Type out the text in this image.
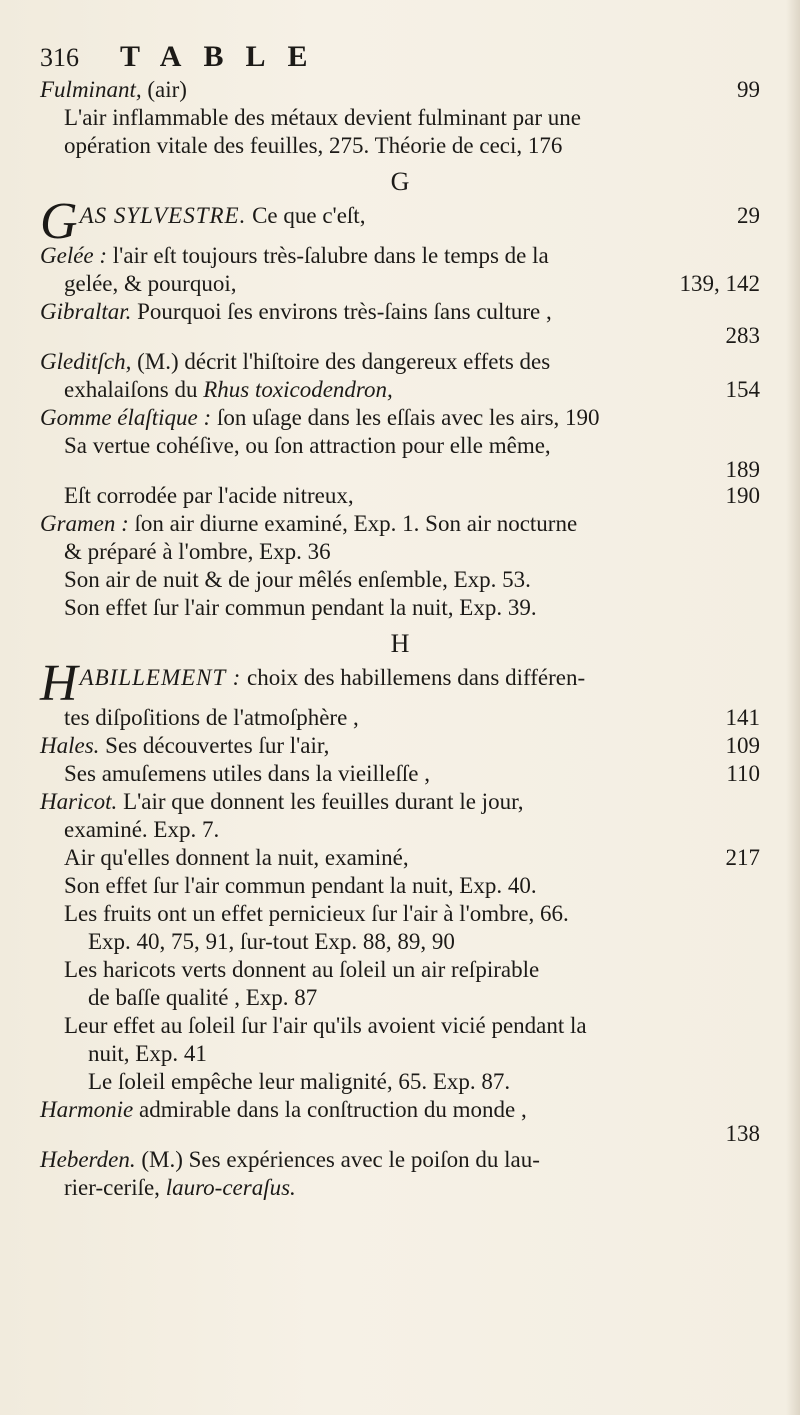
316	TABLE
Fulminant, (air)	99
L'air inflammable des métaux devient fulminant par une
opération vitale des feuilles, 275. Théorie de ceci, 176
G
GAS SYLVESTRE. Ce que c'eſt,	29
Gelée : l'air eſt toujours très-ſalubre dans le temps de la
gelée, & pourquoi,	139, 142
Gibraltar. Pourquoi ſes environs très-ſains ſans culture ,
283
Gleditſch, (M.) décrit l'hiſtoire des dangereux effets des
exhalaiſons du Rhus toxicodendron,	154
Gomme élaſtique : ſon uſage dans les eſſais avec les airs, 190
Sa vertue cohéſive, ou ſon attraction pour elle même,
189
Eſt corrodée par l'acide nitreux,	190
Gramen : ſon air diurne examiné, Exp. 1. Son air nocturne
& préparé à l'ombre, Exp. 36
Son air de nuit & de jour mêlés enſemble, Exp. 53.
Son effet ſur l'air commun pendant la nuit, Exp. 39.
H
HABILLEMENT : choix des habillemens dans différen-
tes diſpoſitions de l'atmoſphère ,	141
Hales. Ses découvertes ſur l'air,	109
Ses amuſemens utiles dans la vieilleſſe ,	110
Haricot. L'air que donnent les feuilles durant le jour,
examiné. Exp. 7.
Air qu'elles donnent la nuit, examiné,	217
Son effet ſur l'air commun pendant la nuit, Exp. 40.
Les fruits ont un effet pernicieux ſur l'air à l'ombre, 66.
Exp. 40, 75, 91, ſur-tout Exp. 88, 89, 90
Les haricots verts donnent au ſoleil un air reſpirable
de baſſe qualité , Exp. 87
Leur effet au ſoleil ſur l'air qu'ils avoient vicié pendant la
nuit, Exp. 41
Le ſoleil empêche leur malignité, 65. Exp. 87.
Harmonie admirable dans la conſtruction du monde ,
138
Heberden. (M.) Ses expériences avec le poiſon du lau-
rier-ceriſe, lauro-ceraſus.
